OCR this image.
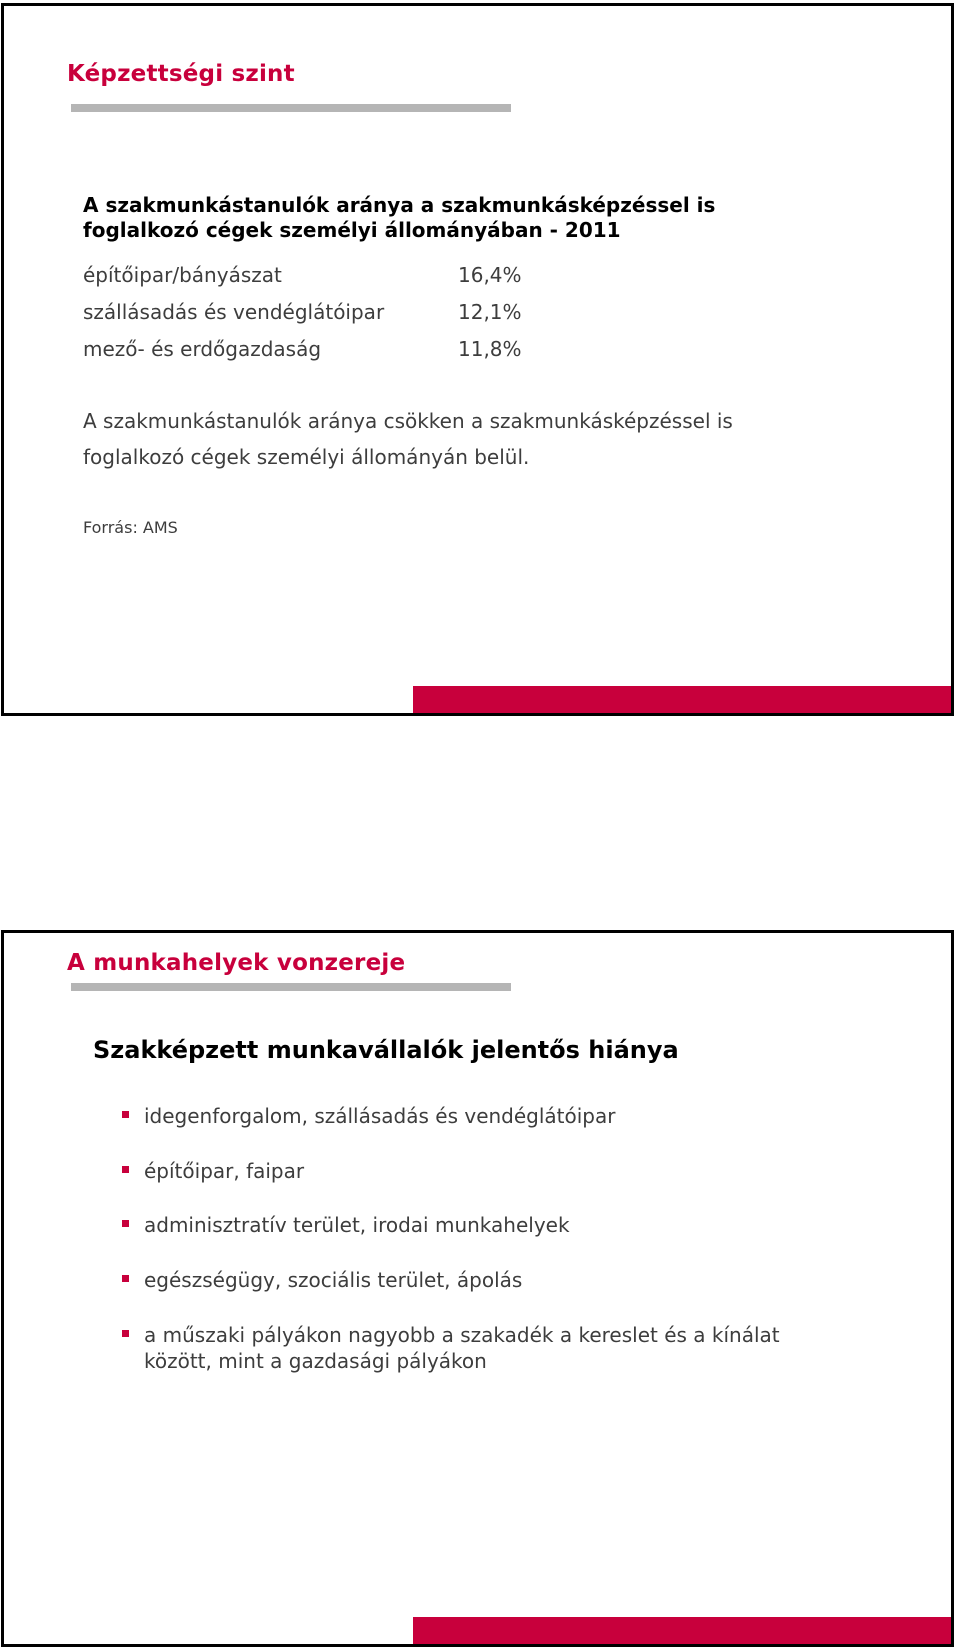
Képzettségi szint
A szakmunkástanulók aránya a szakmunkásképzéssel is
foglalkozó cégek személyi állományában - 2011
építőipar/bányászat	16,4%
szállásadás és vendéglátóipar	12,1%
mező- és erdőgazdaság	11,8%
A szakmunkástanulók aránya csökken a szakmunkásképzéssel is
foglalkozó cégek személyi állományán belül.

Forrás: AMS

A munkahelyek vonzereje
Szakképzett munkavállalók jelentős hiánya
idegenforgalom, szállásadás és vendéglátóipar
építőipar, faipar
adminisztratív terület, irodai munkahelyek
egészségügy, szociális terület, ápolás
a műszaki pályákon nagyobb a szakadék a kereslet és a kínálat
között, mint a gazdasági pályákon
